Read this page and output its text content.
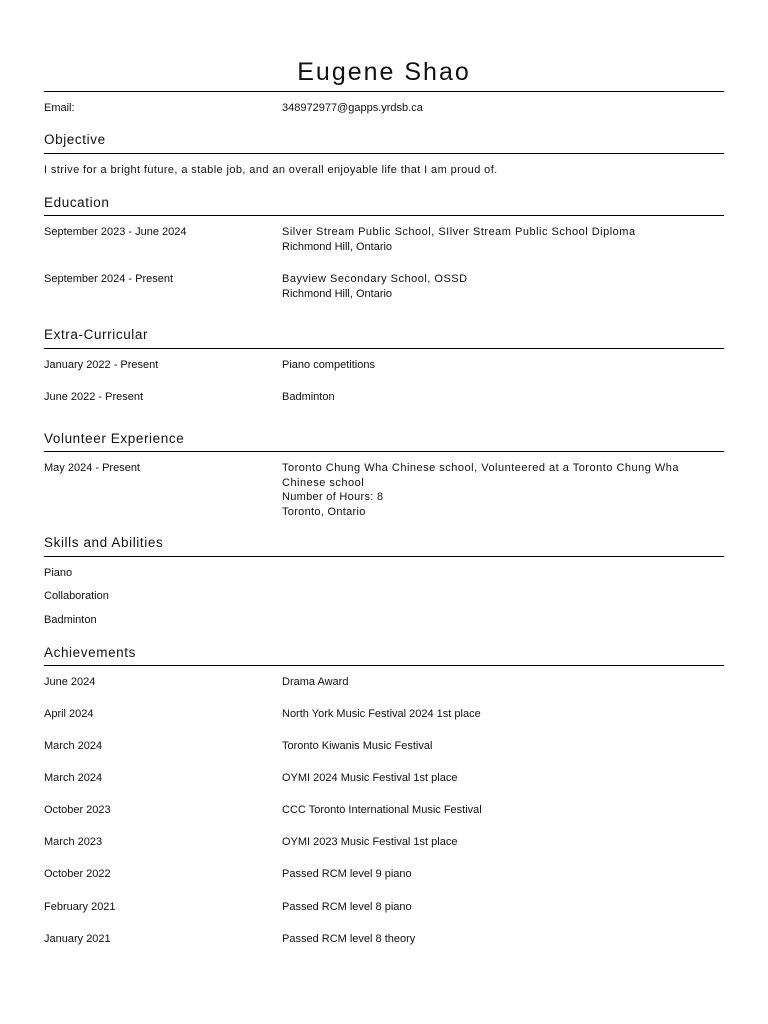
Eugene Shao
Email:	348972977@gapps.yrdsb.ca
Objective
I strive for a bright future, a stable job, and an overall enjoyable life that I am proud of.
Education
September 2023 - June 2024	Silver Stream Public School, SIlver Stream Public School Diploma
Richmond Hill, Ontario
September 2024 - Present	Bayview Secondary School, OSSD
Richmond Hill, Ontario
Extra-Curricular
January 2022 - Present	Piano competitions
June 2022 - Present	Badminton
Volunteer Experience
May 2024 - Present	Toronto Chung Wha Chinese school, Volunteered at a Toronto Chung Wha Chinese school
Number of Hours: 8
Toronto, Ontario
Skills and Abilities
Piano
Collaboration
Badminton
Achievements
June 2024	Drama Award
April 2024	North York Music Festival 2024 1st place
March 2024	Toronto Kiwanis Music Festival
March 2024	OYMI 2024 Music Festival 1st place
October 2023	CCC Toronto International Music Festival
March 2023	OYMI 2023 Music Festival 1st place
October 2022	Passed RCM level 9 piano
February 2021	Passed RCM level 8 piano
January 2021	Passed RCM level 8 theory
